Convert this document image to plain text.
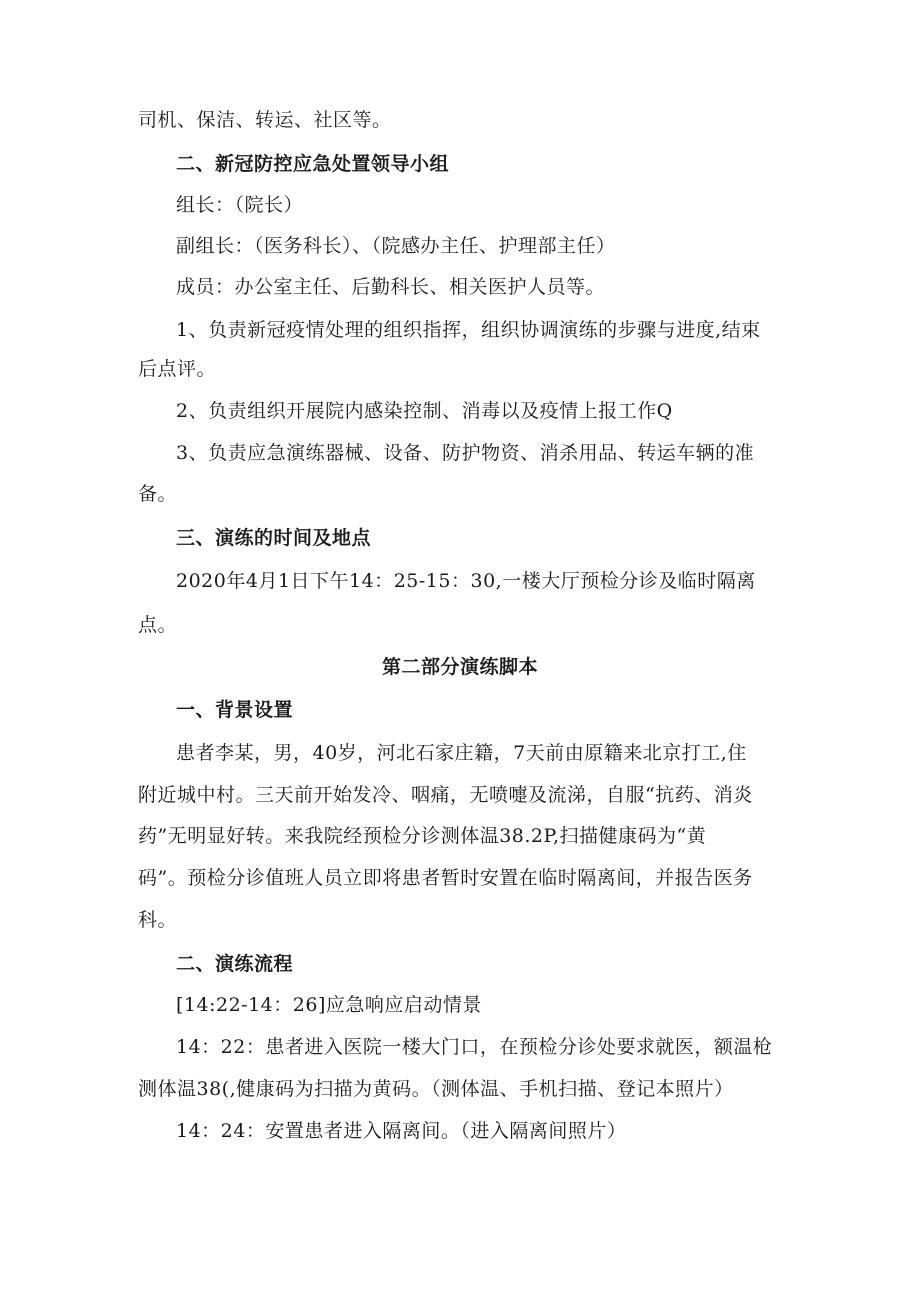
司机、保洁、转运、社区等。
二、新冠防控应急处置领导小组
组长：（院长）
副组长：（医务科长）、（院感办主任、护理部主任）
成员：办公室主任、后勤科长、相关医护人员等。
1、负责新冠疫情处理的组织指挥，组织协调演练的步骤与进度,结束
后点评。
2、负责组织开展院内感染控制、消毒以及疫情上报工作Q
3、负责应急演练器械、设备、防护物资、消杀用品、转运车辆的准
备。
三、演练的时间及地点
2020年4月1日下午14：25-15：30,一楼大厅预检分诊及临时隔离
点。
第二部分演练脚本
一、背景设置
患者李某，男，40岁，河北石家庄籍，7天前由原籍来北京打工,住
附近城中村。三天前开始发冷、咽痛，无喷嚏及流涕，自服“抗药、消炎
药”无明显好转。来我院经预检分诊测体温38.2P,扫描健康码为“黄
码”。预检分诊值班人员立即将患者暂时安置在临时隔离间，并报告医务
科。
二、演练流程
[14:22-14：26]应急响应启动情景
14：22：患者进入医院一楼大门口，在预检分诊处要求就医，额温枪
测体温38(,健康码为扫描为黄码。（测体温、手机扫描、登记本照片）
14：24：安置患者进入隔离间。（进入隔离间照片）
